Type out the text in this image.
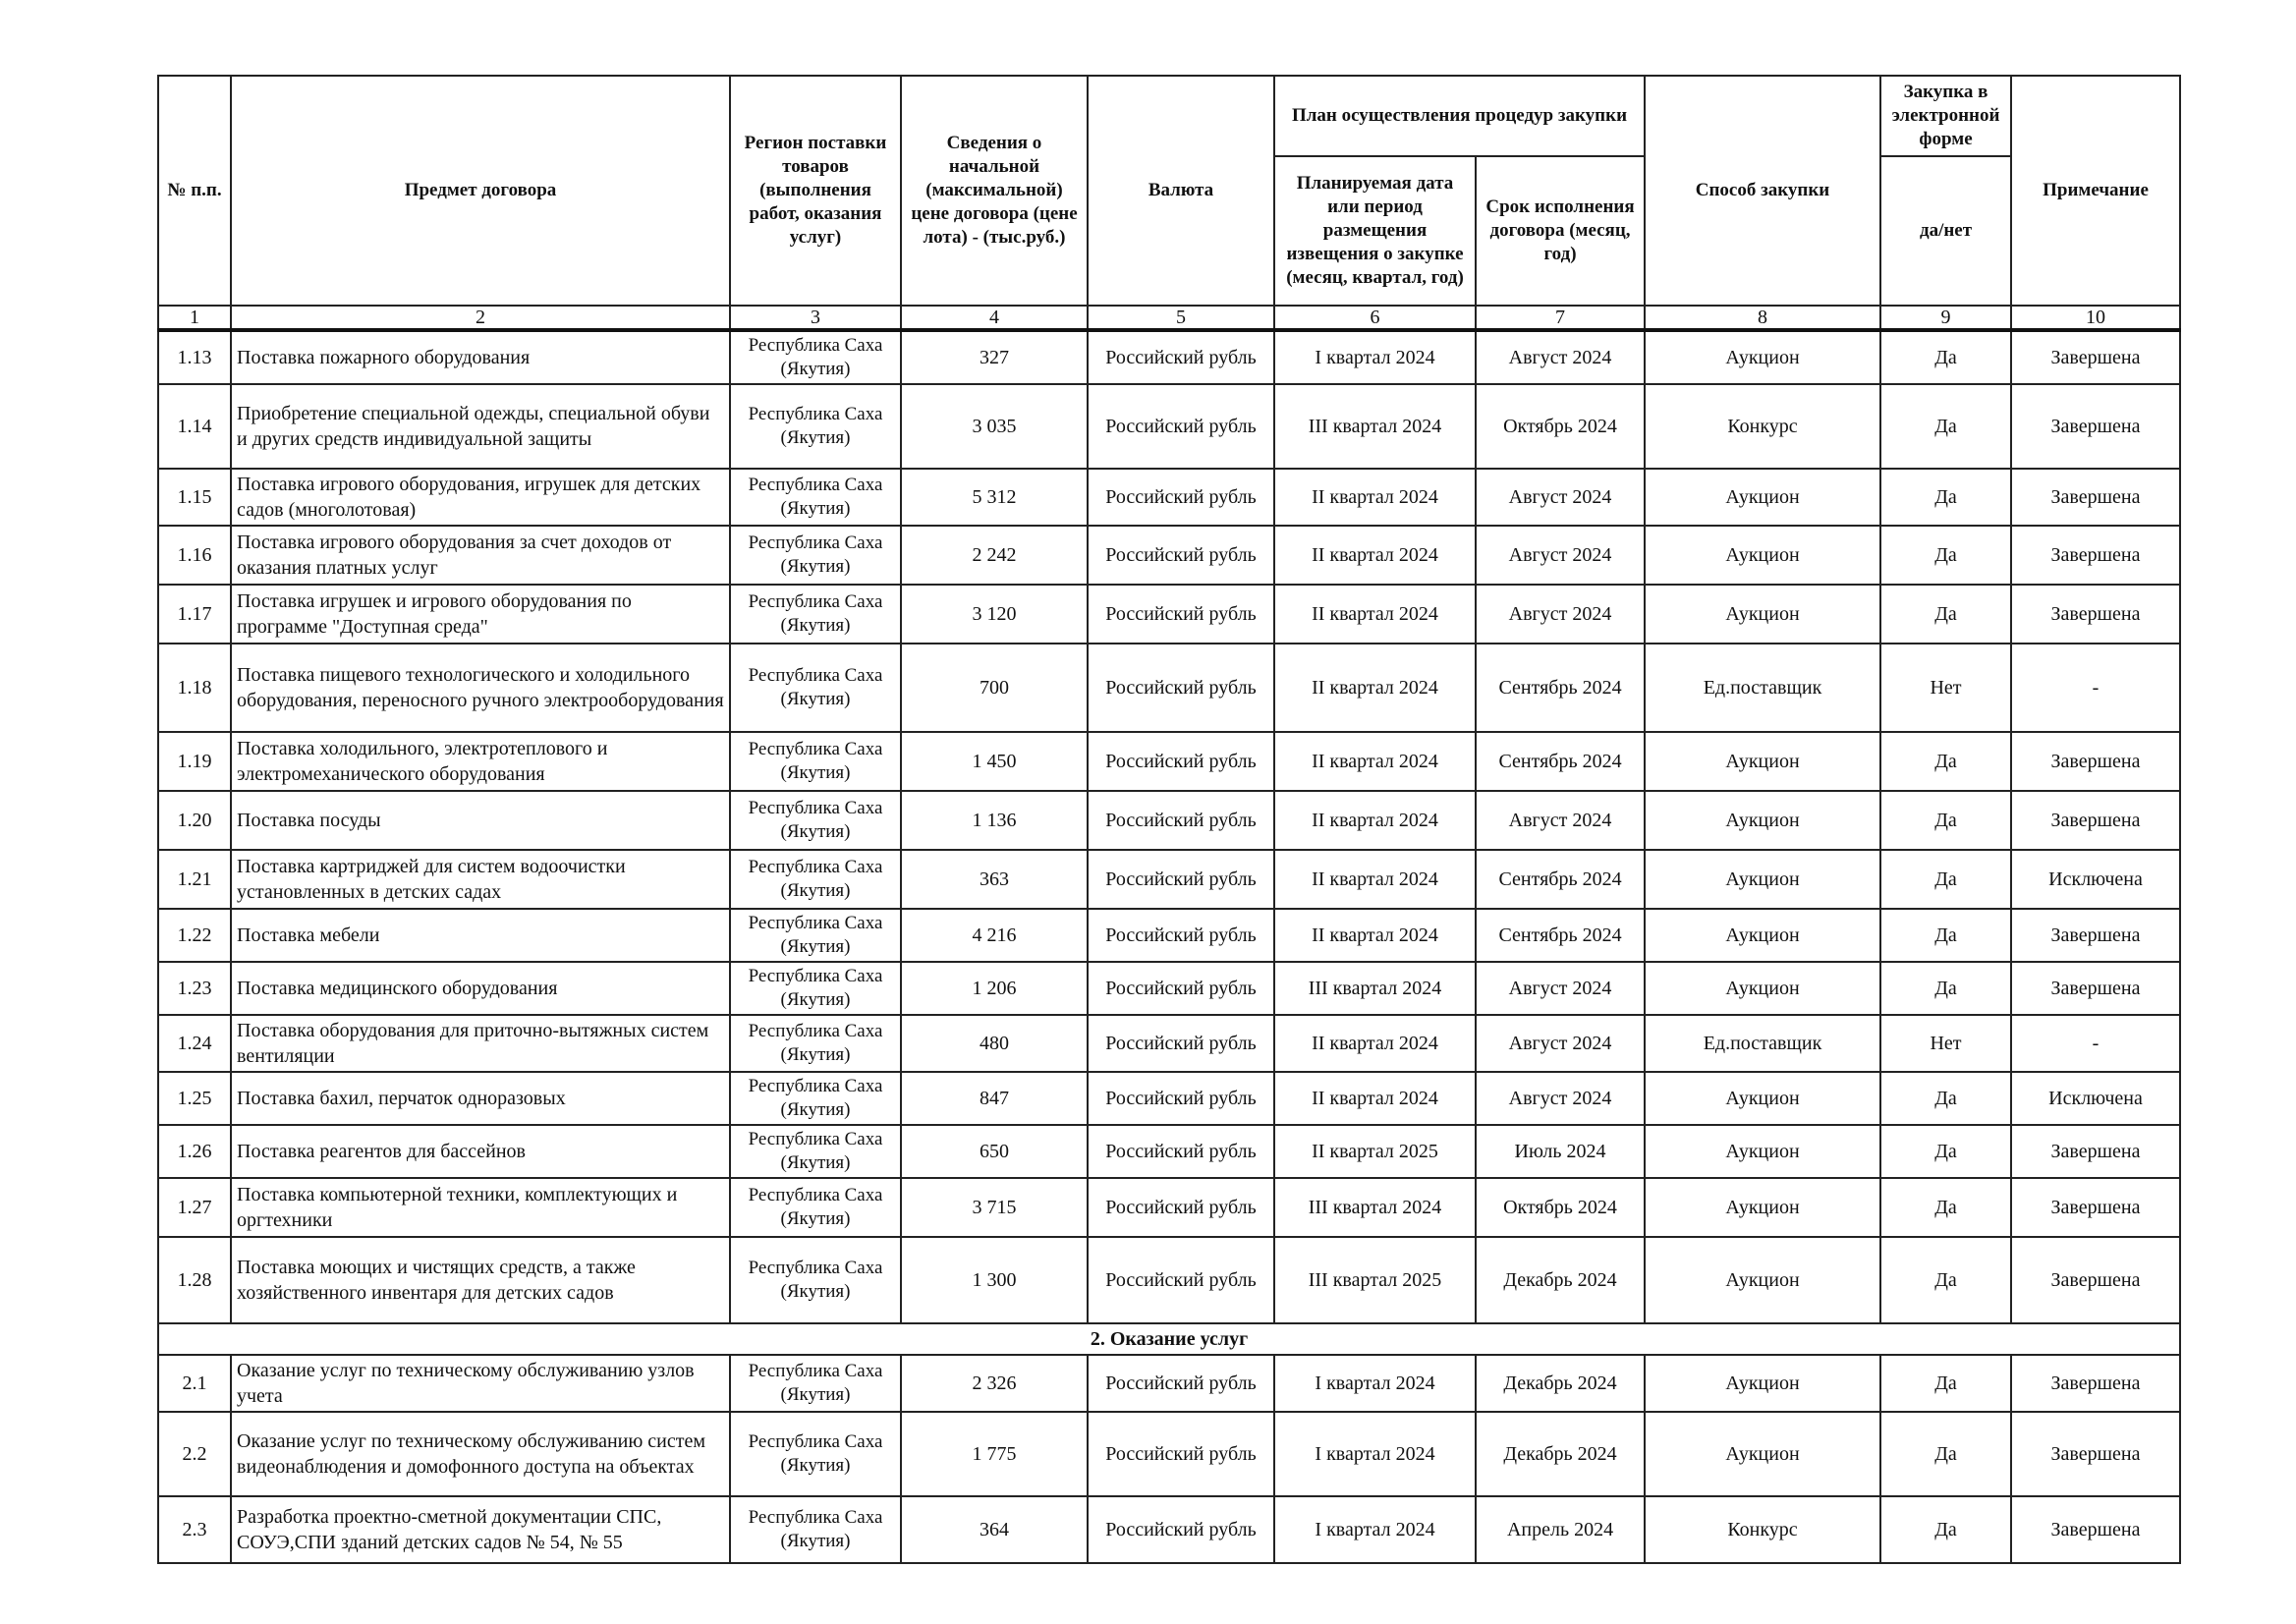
№ п.п.	Предмет договора	Регион поставки товаров (выполнения работ, оказания услуг)	Сведения о начальной (максимальной) цене договора (цене лота) - (тыс.руб.)	Валюта	План осуществления процедур закупки		Способ закупки	Закупка в электронной форме	Примечание
					Планируемая дата или период размещения извещения о закупке (месяц, квартал, год)	Срок исполнения договора (месяц, год)		да/нет	
1	2	3	4	5	6	7	8	9	10
1.13	Поставка пожарного оборудования	Республика Саха (Якутия)	327	Российский рубль	I квартал 2024	Август 2024	Аукцион	Да	Завершена
1.14	Приобретение специальной одежды, специальной обуви и других средств индивидуальной защиты	Республика Саха (Якутия)	3 035	Российский рубль	III квартал 2024	Октябрь 2024	Конкурс	Да	Завершена
1.15	Поставка игрового оборудования, игрушек для детских садов (многолотовая)	Республика Саха (Якутия)	5 312	Российский рубль	II квартал 2024	Август 2024	Аукцион	Да	Завершена
1.16	Поставка игрового оборудования за счет доходов от оказания платных услуг	Республика Саха (Якутия)	2 242	Российский рубль	II квартал 2024	Август 2024	Аукцион	Да	Завершена
1.17	Поставка игрушек и игрового оборудования по программе "Доступная среда"	Республика Саха (Якутия)	3 120	Российский рубль	II квартал 2024	Август 2024	Аукцион	Да	Завершена
1.18	Поставка пищевого технологического и холодильного оборудования, переносного ручного электрооборудования	Республика Саха (Якутия)	700	Российский рубль	II квартал 2024	Сентябрь 2024	Ед.поставщик	Нет	-
1.19	Поставка холодильного, электротеплового и электромеханического оборудования	Республика Саха (Якутия)	1 450	Российский рубль	II квартал 2024	Сентябрь 2024	Аукцион	Да	Завершена
1.20	Поставка посуды	Республика Саха (Якутия)	1 136	Российский рубль	II квартал 2024	Август 2024	Аукцион	Да	Завершена
1.21	Поставка картриджей для систем водоочистки установленных в детских садах	Республика Саха (Якутия)	363	Российский рубль	II квартал 2024	Сентябрь 2024	Аукцион	Да	Исключена
1.22	Поставка мебели	Республика Саха (Якутия)	4 216	Российский рубль	II квартал 2024	Сентябрь 2024	Аукцион	Да	Завершена
1.23	Поставка медицинского оборудования	Республика Саха (Якутия)	1 206	Российский рубль	III квартал 2024	Август 2024	Аукцион	Да	Завершена
1.24	Поставка оборудования для приточно-вытяжных систем вентиляции	Республика Саха (Якутия)	480	Российский рубль	II квартал 2024	Август 2024	Ед.поставщик	Нет	-
1.25	Поставка бахил, перчаток одноразовых	Республика Саха (Якутия)	847	Российский рубль	II квартал 2024	Август 2024	Аукцион	Да	Исключена
1.26	Поставка реагентов для бассейнов	Республика Саха (Якутия)	650	Российский рубль	II квартал 2025	Июль 2024	Аукцион	Да	Завершена
1.27	Поставка компьютерной техники, комплектующих и оргтехники	Республика Саха (Якутия)	3 715	Российский рубль	III квартал 2024	Октябрь 2024	Аукцион	Да	Завершена
1.28	Поставка моющих и чистящих средств, а также хозяйственного инвентаря для детских садов	Республика Саха (Якутия)	1 300	Российский рубль	III квартал 2025	Декабрь 2024	Аукцион	Да	Завершена
2. Оказание услуг									
2.1	Оказание услуг по техническому обслуживанию узлов учета	Республика Саха (Якутия)	2 326	Российский рубль	I квартал 2024	Декабрь 2024	Аукцион	Да	Завершена
2.2	Оказание услуг по техническому обслуживанию систем видеонаблюдения и домофонного доступа на объектах	Республика Саха (Якутия)	1 775	Российский рубль	I квартал 2024	Декабрь 2024	Аукцион	Да	Завершена
2.3	Разработка проектно-сметной документации СПС, СОУЭ,СПИ зданий детских садов № 54, № 55	Республика Саха (Якутия)	364	Российский рубль	I квартал 2024	Апрель 2024	Конкурс	Да	Завершена
